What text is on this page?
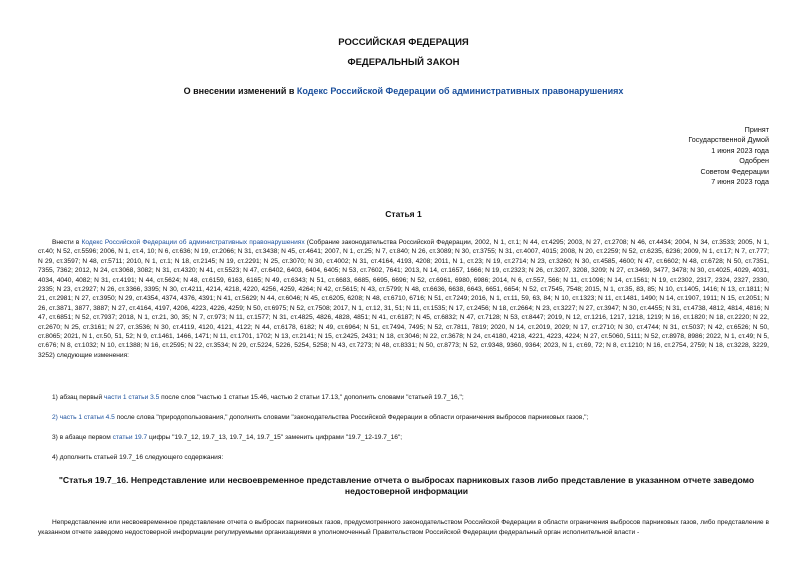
РОССИЙСКАЯ ФЕДЕРАЦИЯ
ФЕДЕРАЛЬНЫЙ ЗАКОН
О внесении изменений в Кодекс Российской Федерации об административных правонарушениях
Принят
Государственной Думой
1 июня 2023 года
Одобрен
Советом Федерации
7 июня 2023 года
Статья 1

Внести в Кодекс Российской Федерации об административных правонарушениях (Собрание законодательства Российской Федерации, 2002, N 1, ст.1; N 44, ст.4295; 2003, N 27, ст.2708; N 46, ст.4434; 2004, N 34, ст.3533; 2005, N 1, ст.40; N 52, ст.5596; 2006, N 1, ст.4, 10; N 6, ст.636; N 19, ст.2066; N 31, ст.3438; N 45, ст.4641; 2007, N 1, ст.25; N 7, ст.840; N 26, ст.3089; N 30, ст.3755; N 31, ст.4007, 4015; 2008, N 20, ст.2259; N 52, ст.6235, 6236; 2009, N 1, ст.17; N 7, ст.777; N 29, ст.3597; N 48, ст.5711; 2010, N 1, ст.1; N 18, ст.2145; N 19, ст.2291; N 25, ст.3070; N 30, ст.4002; N 31, ст.4164, 4193, 4208; 2011, N 1, ст.23; N 19, ст.2714; N 23, ст.3260; N 30, ст.4585, 4600; N 47, ст.6602; N 48, ст.6728; N 50, ст.7351, 7355, 7362; 2012, N 24, ст.3068, 3082; N 31, ст.4320; N 41, ст.5523; N 47, ст.6402, 6403, 6404, 6405; N 53, ст.7602, 7641; 2013, N 14, ст.1657, 1666; N 19, ст.2323; N 26, ст.3207, 3208, 3209; N 27, ст.3469, 3477, 3478; N 30, ст.4025, 4029, 4031, 4034, 4040, 4082; N 31, ст.4191; N 44, ст.5624; N 48, ст.6159, 6163, 6165; N 49, ст.6343; N 51, ст.6683, 6685, 6695, 6696; N 52, ст.6961, 6980, 6986; 2014, N 6, ст.557, 566; N 11, ст.1096; N 14, ст.1561; N 19, ст.2302, 2317, 2324, 2327, 2330, 2335; N 23, ст.2927; N 26, ст.3366, 3395; N 30, ст.4211, 4214, 4218, 4220, 4256, 4259, 4264; N 42, ст.5615; N 43, ст.5799; N 48, ст.6636, 6638, 6643, 6651, 6654; N 52, ст.7545, 7548; 2015, N 1, ст.35, 83, 85; N 10, ст.1405, 1416; N 13, ст.1811; N 21, ст.2981; N 27, ст.3950; N 29, ст.4354, 4374, 4376, 4391; N 41, ст.5629; N 44, ст.6046; N 45, ст.6205, 6208; N 48, ст.6710, 6716; N 51, ст.7249; 2016, N 1, ст.11, 59, 63, 84; N 10, ст.1323; N 11, ст.1481, 1490; N 14, ст.1907, 1911; N 15, ст.2051; N 26, ст.3871, 3877, 3887; N 27, ст.4164, 4197, 4206, 4223, 4226, 4259; N 50, ст.6975; N 52, ст.7508; 2017, N 1, ст.12, 31, 51; N 11, ст.1535; N 17, ст.2456; N 18, ст.2664; N 23, ст.3227; N 27, ст.3947; N 30, ст.4455; N 31, ст.4738, 4812, 4814, 4816; N 47, ст.6851; N 52, ст.7937; 2018, N 1, ст.21, 30, 35; N 7, ст.973; N 11, ст.1577; N 31, ст.4825, 4826, 4828, 4851; N 41, ст.6187; N 45, ст.6832; N 47, ст.7128; N 53, ст.8447; 2019, N 12, ст.1216, 1217, 1218, 1219; N 16, ст.1820; N 18, ст.2220; N 22, ст.2670; N 25, ст.3161; N 27, ст.3536; N 30, ст.4119, 4120, 4121, 4122; N 44, ст.6178, 6182; N 49, ст.6964; N 51, ст.7494, 7495; N 52, ст.7811, 7819; 2020, N 14, ст.2019, 2029; N 17, ст.2710; N 30, ст.4744; N 31, ст.5037; N 42, ст.6526; N 50, ст.8065; 2021, N 1, ст.50, 51, 52; N 9, ст.1461, 1466, 1471; N 11, ст.1701, 1702; N 13, ст.2141; N 15, ст.2425, 2431; N 18, ст.3046; N 22, ст.3678; N 24, ст.4180, 4218, 4221, 4223, 4224; N 27, ст.5060, 5111; N 52, ст.8978, 8986; 2022, N 1, ст.49; N 5, ст.676; N 8, ст.1032; N 10, ст.1388; N 16, ст.2595; N 22, ст.3534; N 29, ст.5224, 5226, 5254, 5258; N 43, ст.7273; N 48, ст.8331; N 50, ст.8773; N 52, ст.9348, 9360, 9364; 2023, N 1, ст.69, 72; N 8, ст.1210; N 16, ст.2754, 2759; N 18, ст.3228, 3229, 3252) следующие изменения:

1) абзац первый части 1 статьи 3.5 после слов "частью 1 статьи 15.46, частью 2 статьи 17.13," дополнить словами "статьей 19.7_16,";

2) часть 1 статьи 4.5 после слова "природопользования," дополнить словами "законодательства Российской Федерации в области ограничения выбросов парниковых газов,";

3) в абзаце первом статьи 19.7 цифры "19.7_12, 19.7_13, 19.7_14, 19.7_15" заменить цифрами "19.7_12-19.7_16";

4) дополнить статьей 19.7_16 следующего содержания:

"Статья 19.7_16. Непредставление или несвоевременное представление отчета о выбросах парниковых газов либо представление в указанном отчете заведомо недостоверной информации

Непредставление или несвоевременное представление отчета о выбросах парниковых газов, предусмотренного законодательством Российской Федерации в области ограничения выбросов парниковых газов, либо представление в указанном отчете заведомо недостоверной информации регулируемыми организациями в уполномоченный Правительством Российской Федерации федеральный орган исполнительной власти -
